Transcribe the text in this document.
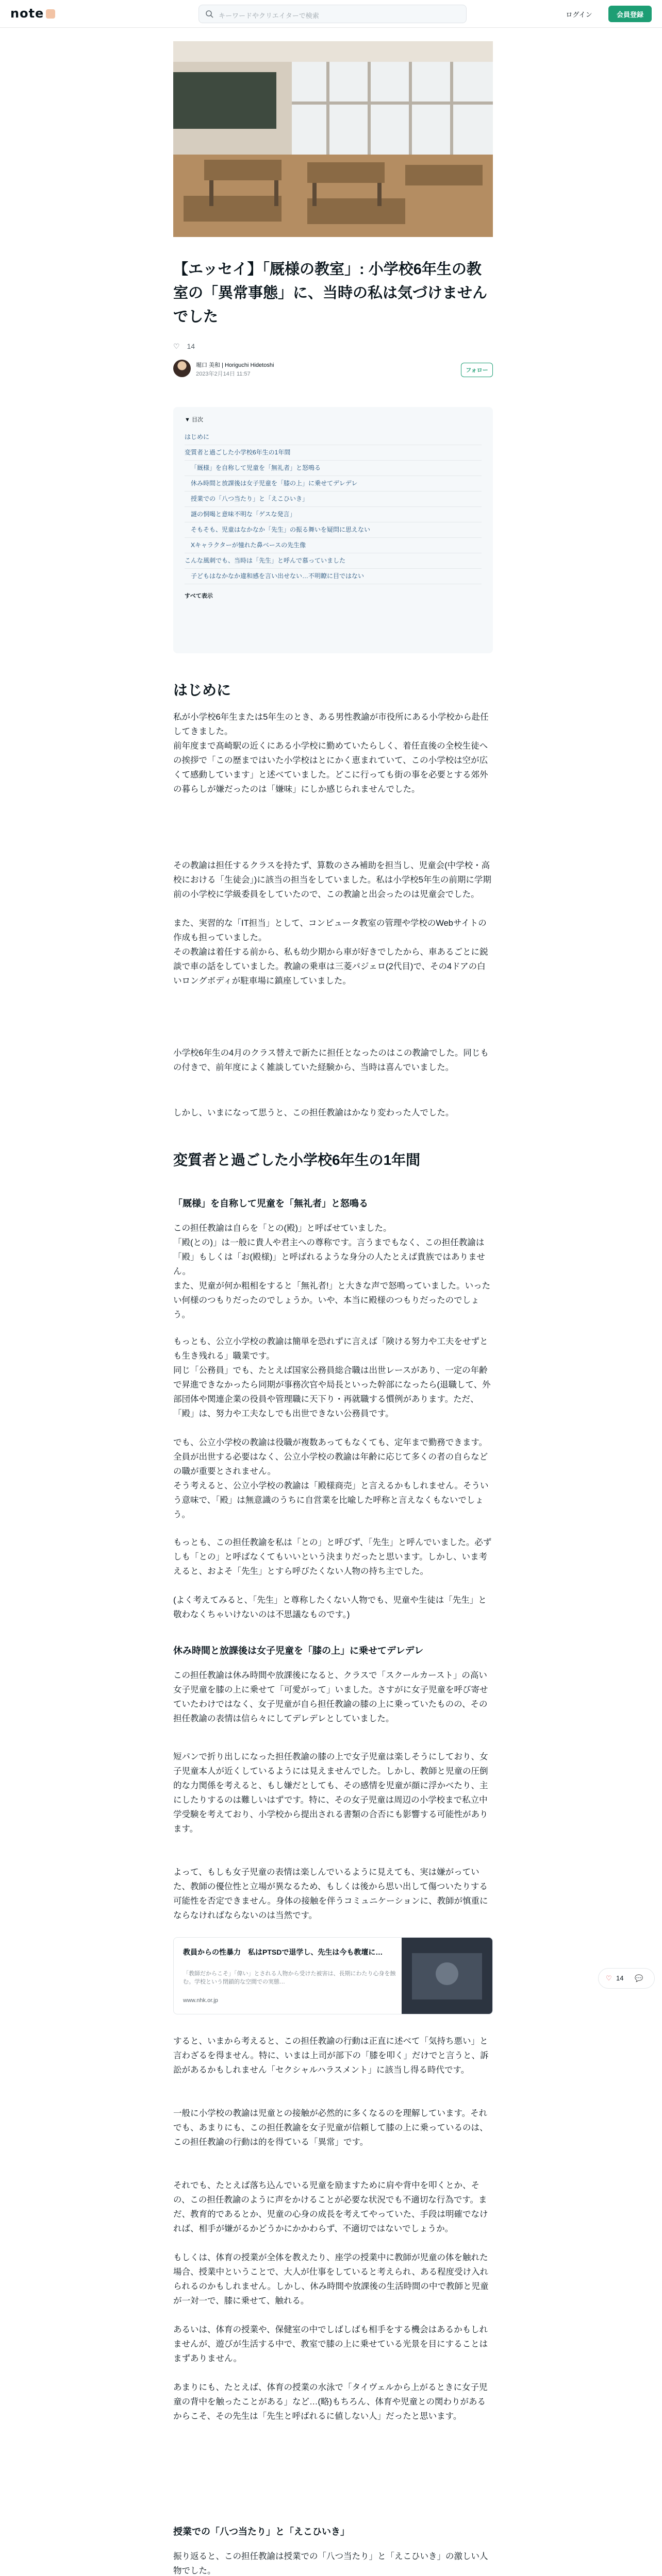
note	キーワードやクリエイターで検索	ログイン	会員登録
【エッセイ】「厩様の教室」: 小学校6年生の教室の「異常事態」に、当時の私は気づけませんでした
♡ 14
堀口 美和 | Horiguchi Hidetoshi
2023年2月14日 11:57
フォロー
▼ 目次
はじめに
変質者と過ごした小学校6年生の1年間
「厩様」を自称して児童を「無礼者」と怒鳴る
休み時間と放課後は女子児童を「膝の上」に乗せてデレデレ
授業での「八つ当たり」と「えこひいき」
謎の恫喝と意味不明な「ゲスな発言」
そもそも、児童はなかなか「先生」の振る舞いを疑問に思えない
Xキャラクターが憧れた鼻ベースの先生像
こんな風刺でも、当時は「先生」と呼んで慕っていました
子どもはなかなか違和感を言い出せない…不明瞭に目ではない
すべて表示
はじめに

私が小学校6年生または5年生のとき、ある男性教諭が市役所にある小学校から赴任してきました。

前年度まで髙崎駅の近くにある小学校に勤めていたらしく、着任直後の全校生徒への挨拶で「この歴まではいた小学校はとにかく恵まれていて、この小学校は空が広くて感動しています」と述べていました。どこに行っても街の事を必要とする郊外の暮らしが嫌だったのは「嫌味」にしか感じられませんでした。

その教諭は担任するクラスを持たず、算数のさみ補助を担当し、児童会(中学校・高校における「生徒会」)に該当の担当をしていました。私は小学校5年生の前期に学期前の小学校に学級委員をしていたので、この教諭と出会ったのは児童会でした。

また、実習的な「IT担当」として、コンピュータ教室の管理や学校のWebサイトの作成も担っていました。

その教諭は着任する前から、私も幼少期から車が好きでしたから、車あるごとに鋭談で車の話をしていました。教諭の乗車は三菱パジェロ(2代目)で、その4ドアの白いロングボディが駐車場に鎮座していました。

小学校6年生の4月のクラス替えで新たに担任となったのはこの教諭でした。同じもの付きで、前年度によく雑談していた経験から、当時は喜んでいました。

しかし、いまになって思うと、この担任教諭はかなり変わった人でした。

変質者と過ごした小学校6年生の1年間
「厩様」を自称して児童を「無礼者」と怒鳴る

この担任教諭は自らを「との(殿)」と呼ばせていました。

「殿(との)」は一般に貴人や君主への尊称です。言うまでもなく、この担任教諭は「殿」もしくは「お(殿様)」と呼ばれるような身分の人たとえば貴族ではありません。

また、児童が何か粗相をすると「無礼者!」と大きな声で怒鳴っていました。いったい何様のつもりだったのでしょうか。いや、本当に殿様のつもりだったのでしょう。

もっとも、公立小学校の教諭は簡単を恐れずに言えば「険ける努力や工夫をせずとも生き残れる」職業です。

同じ「公務員」でも、たとえば国家公務員総合職は出世レースがあり、一定の年齢で昇進できなかったら同期が事務次官や局長といった幹部になったら(退職して、外部団体や関連企業の役員や管理職に天下り・再就職する慣例があります。ただ、「殿」は、努力や工夫なしでも出世できない公務員です。

でも、公立小学校の教諭は役職が複数あってもなくても、定年まで勤務できます。全員が出世する必要はなく、公立小学校の教諭は年齢に応じて多くの者の自らなどの職が重要とされません。

そう考えると、公立小学校の教諭は「殿様商売」と言えるかもしれません。そういう意味で、「殿」は無意識のうちに自営業を比喩した呼称と言えなくもないでしょう。

もっとも、この担任教諭を私は「との」と呼びず、「先生」と呼んでいました。必ずしも「との」と呼ばなくてもいいという決まりだったと思います。しかし、いま考えると、およそ「先生」とすら呼びたくない人物の持ち主でした。

(よく考えてみると、「先生」と尊称したくない人物でも、児童や生徒は「先生」と敬わなくちゃいけないのは不思議なものです。)

休み時間と放課後は女子児童を「膝の上」に乗せてデレデレ

この担任教諭は休み時間や放課後になると、クラスで「スクールカースト」の高い女子児童を膝の上に乗せて「可愛がって」いました。さすがに女子児童を呼び寄せていたわけではなく、女子児童が自ら担任教諭の膝の上に乗っていたものの、その担任教諭の表情は信ら々にしてデレデレとしていました。

短パンで折り出しになった担任教諭の膝の上で女子児童は楽しそうにしており、女子児童本人が近くしているようには見えませんでした。しかし、教師と児童の圧倒的な力関係を考えると、もし嫌だとしても、その感情を児童が顔に浮かべたり、主にしたりするのは難しいはずです。特に、その女子児童は周辺の小学校まで私立中学受験を考えており、小学校から提出される書類の合否にも影響する可能性があります。

よって、もしも女子児童の表情は楽しんでいるように見えても、実は嫌がっていた、教師の優位性と立場が異なるため、もしくは後から思い出して傷ついたりする可能性を否定できません。身体の接触を伴うコミュニケーションに、教師が慎重にならなければならないのは当然です。

教員からの性暴力　私はPTSDで退学し、先生は今も教壇に…
「教師だからこそ」「偉い」とされる人物から受けた被害は、長期にわたり心身を蝕む。学校という閉鎖的な空間での実態…
www.nhk.or.jp

すると、いまから考えると、この担任教諭の行動は正直に述べて「気持ち悪い」と言わざるを得ません。特に、いまは上司が部下の「膝を叩く」だけでと言うと、訴訟があるかもしれません「セクシャルハラスメント」に該当し得る時代です。

一般に小学校の教諭は児童との接触が必然的に多くなるのを理解しています。それでも、あまりにも、この担任教諭を女子児童が信頼して膝の上に乗っているのは、この担任教諭の行動は的を得ている「異常」です。

それでも、たとえば落ち込んでいる児童を励ますために肩や背中を叩くとか、その、この担任教諭のように声をかけることが必要な状況でも不適切な行為です。まだ、教育的であるとか、児童の心身の成長を考えてやっていた、手段は明確でなければ、相手が嫌がるかどうかにかかわらず、不適切ではないでしょうか。

もしくは、体育の授業が全体を教えたり、座学の授業中に教師が児童の体を触れた場合、授業中ということで、大人が仕事をしていると考えられ、ある程度受け入れられるのかもしれません。しかし、休み時間や放課後の生活時間の中で教師と児童が一対一で、膝に乗せて、触れる。

あるいは、体育の授業や、保健室の中でしばしばも相手をする機会はあるかもしれませんが、遊びが生活する中で、教室で膝の上に乗せている光景を目にすることはまずありません。

あまりにも、たとえば、体育の授業の水泳で「タイヴェルから上がるときに女子児童の背中を触ったことがある」など…(略)もちろん、体育や児童との関わりがあるからこそ、その先生は「先生と呼ばれるに値しない人」だったと思います。

授業での「八つ当たり」と「えこひいき」

振り返ると、この担任教諭は授業での「八つ当たり」と「えこひいき」の激しい人物でした。

♡ 14 💬
